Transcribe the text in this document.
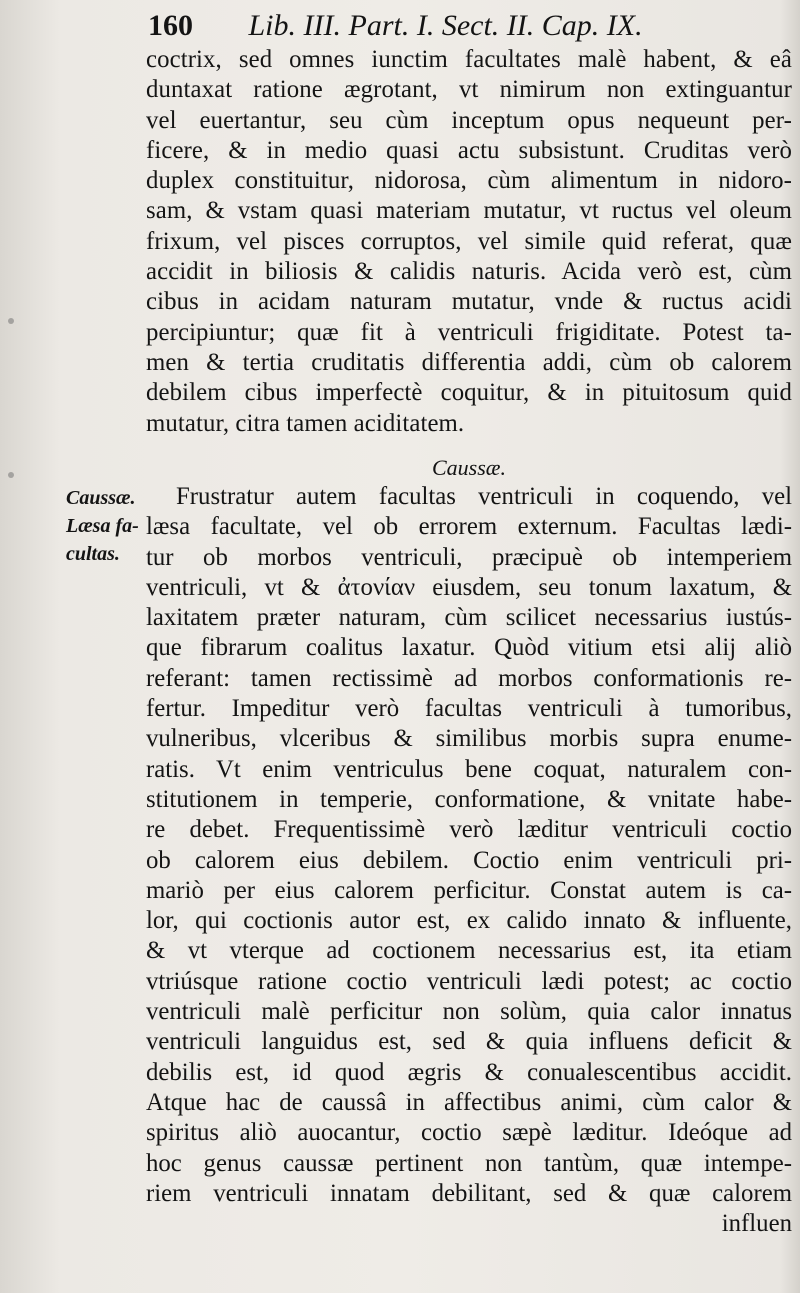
160 Lib. III. Part. I. Sect. II. Cap. IX.
coctrix, sed omnes iunctim facultates malè habent, & eâ
duntaxat ratione ægrotant, vt nimirum non extinguantur
vel euertantur, seu cùm inceptum opus nequeunt per-
ficere, & in medio quasi actu subsistunt. Cruditas verò
duplex constituitur, nidorosa, cùm alimentum in nidoro-
sam, & vstam quasi materiam mutatur, vt ructus vel oleum
frixum, vel pisces corruptos, vel simile quid referat, quæ
accidit in biliosis & calidis naturis. Acida verò est, cùm
cibus in acidam naturam mutatur, vnde & ructus acidi
percipiuntur; quæ fit à ventriculi frigiditate. Potest ta-
men & tertia cruditatis differentia addi, cùm ob calorem
debilem cibus imperfectè coquitur, & in pituitosum quid
mutatur, citra tamen aciditatem.
Caussæ.
Caussæ.
Læsa fa-
cultas.
Frustratur autem facultas ventriculi in coquendo, vel
læsa facultate, vel ob errorem externum. Facultas lædi-
tur ob morbos ventriculi, præcipuè ob intemperiem
ventriculi, vt & ἀτονίαν eiusdem, seu tonum laxatum, &
laxitatem præter naturam, cùm scilicet necessarius iustús-
que fibrarum coalitus laxatur. Quòd vitium etsi alij aliò
referant: tamen rectissimè ad morbos conformationis re-
fertur. Impeditur verò facultas ventriculi à tumoribus,
vulneribus, vlceribus & similibus morbis supra enume-
ratis. Vt enim ventriculus bene coquat, naturalem con-
stitutionem in temperie, conformatione, & vnitate habe-
re debet. Frequentissimè verò læditur ventriculi coctio
ob calorem eius debilem. Coctio enim ventriculi pri-
mariò per eius calorem perficitur. Constat autem is ca-
lor, qui coctionis autor est, ex calido innato & influente,
& vt vterque ad coctionem necessarius est, ita etiam
vtriúsque ratione coctio ventriculi lædi potest; ac coctio
ventriculi malè perficitur non solùm, quia calor innatus
ventriculi languidus est, sed & quia influens deficit &
debilis est, id quod ægris & conualescentibus accidit.
Atque hac de caussâ in affectibus animi, cùm calor &
spiritus aliò auocantur, coctio sæpè læditur. Ideóque ad
hoc genus caussæ pertinent non tantùm, quæ intempe-
riem ventriculi innatam debilitant, sed & quæ calorem
influen
